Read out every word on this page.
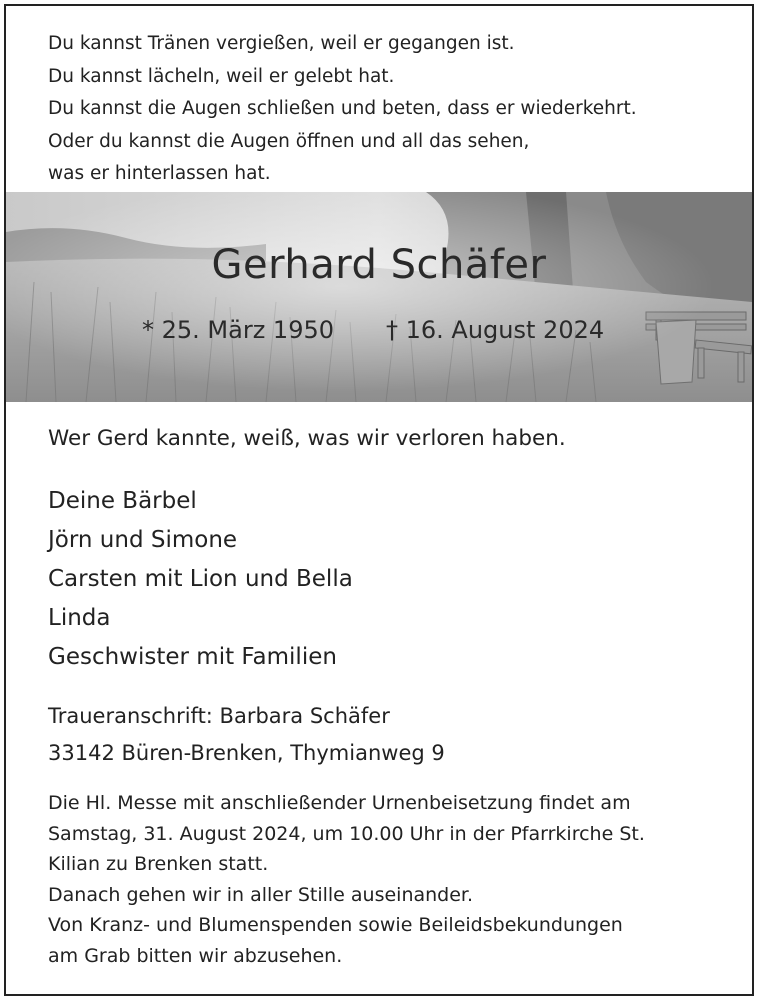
Du kannst Tränen vergießen, weil er gegangen ist.
Du kannst lächeln, weil er gelebt hat.
Du kannst die Augen schließen und beten, dass er wiederkehrt.
Oder du kannst die Augen öffnen und all das sehen,
was er hinterlassen hat.
Gerhard Schäfer
* 25. März 1950 † 16. August 2024
Wer Gerd kannte, weiß, was wir verloren haben.
Deine Bärbel
Jörn und Simone
Carsten mit Lion und Bella
Linda
Geschwister mit Familien
Traueranschrift: Barbara Schäfer
33142 Büren-Brenken, Thymianweg 9
Die Hl. Messe mit anschließender Urnenbeisetzung findet am
Samstag, 31. August 2024, um 10.00 Uhr in der Pfarrkirche St.
Kilian zu Brenken statt.
Danach gehen wir in aller Stille auseinander.
Von Kranz- und Blumenspenden sowie Beileidsbekundungen
am Grab bitten wir abzusehen.
